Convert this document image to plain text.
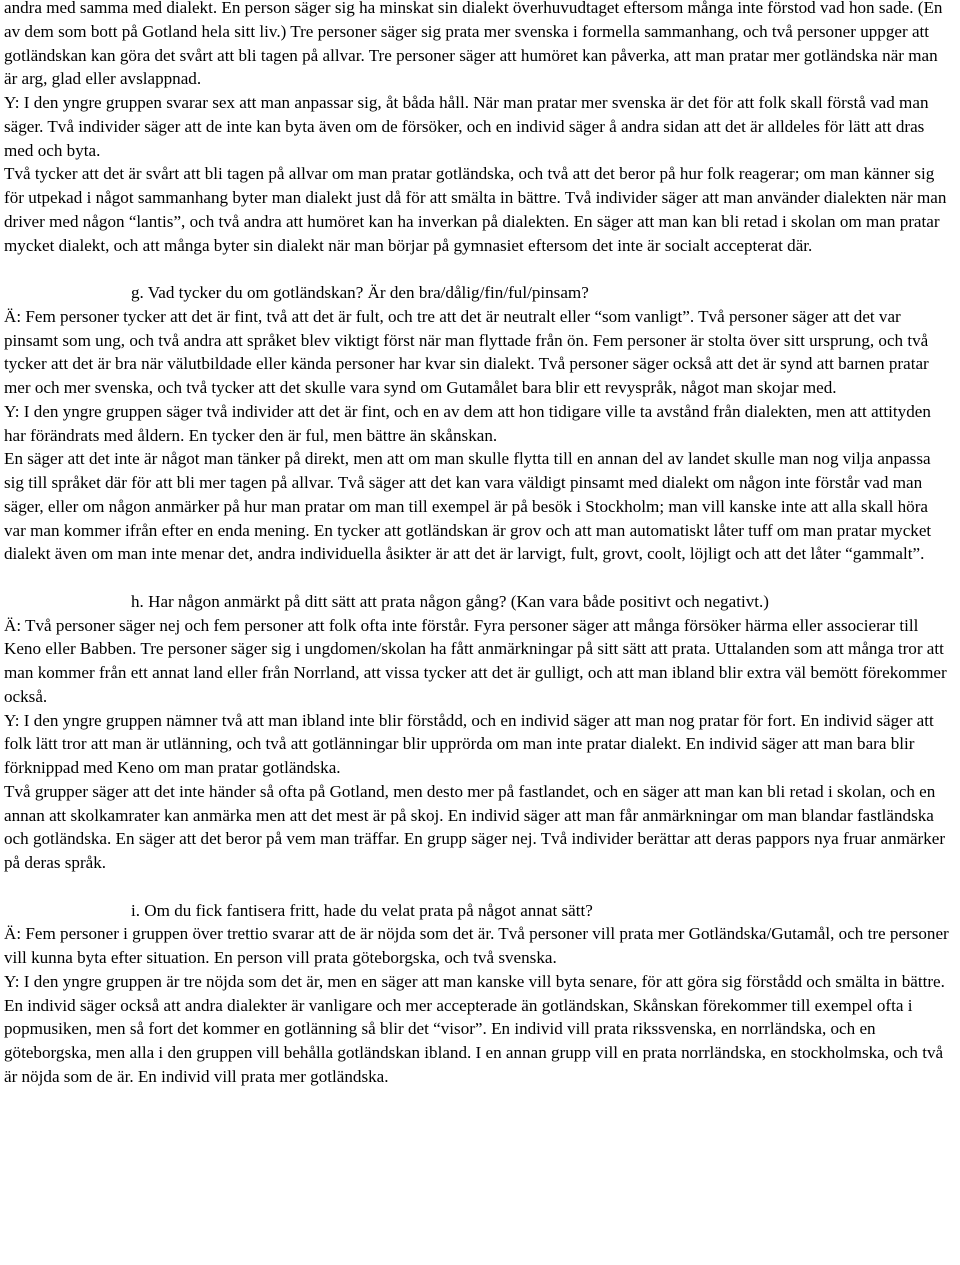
andra med samma med dialekt. En person säger sig ha minskat sin dialekt överhuvudtaget eftersom många inte förstod vad hon sade. (En av dem som bott på Gotland hela sitt liv.) Tre personer säger sig prata mer svenska i formella sammanhang, och två personer uppger att gotländskan kan göra det svårt att bli tagen på allvar. Tre personer säger att humöret kan påverka, att man pratar mer gotländska när man är arg, glad eller avslappnad.

Y: I den yngre gruppen svarar sex att man anpassar sig, åt båda håll. När man pratar mer svenska är det för att folk skall förstå vad man säger. Två individer säger att de inte kan byta även om de försöker, och en individ säger å andra sidan att det är alldeles för lätt att dras med och byta.

Två tycker att det är svårt att bli tagen på allvar om man pratar gotländska, och två att det beror på hur folk reagerar; om man känner sig för utpekad i något sammanhang byter man dialekt just då för att smälta in bättre. Två individer säger att man använder dialekten när man driver med någon “lantis”, och två andra att humöret kan ha inverkan på dialekten. En säger att man kan bli retad i skolan om man pratar mycket dialekt, och att många byter sin dialekt när man börjar på gymnasiet eftersom det inte är socialt accepterat där.

g. Vad tycker du om gotländskan? Är den bra/dålig/fin/ful/pinsam?

Ä: Fem personer tycker att det är fint, två att det är fult, och tre att det är neutralt eller “som vanligt”. Två personer säger att det var pinsamt som ung, och två andra att språket blev viktigt först när man flyttade från ön. Fem personer är stolta över sitt ursprung, och två tycker att det är bra när välutbildade eller kända personer har kvar sin dialekt. Två personer säger också att det är synd att barnen pratar mer och mer svenska, och två tycker att det skulle vara synd om Gutamålet bara blir ett revyspråk, något man skojar med.

Y: I den yngre gruppen säger två individer att det är fint, och en av dem att hon tidigare ville ta avstånd från dialekten, men att attityden har förändrats med åldern. En tycker den är ful, men bättre än skånskan.

En säger att det inte är något man tänker på direkt, men att om man skulle flytta till en annan del av landet skulle man nog vilja anpassa sig till språket där för att bli mer tagen på allvar. Två säger att det kan vara väldigt pinsamt med dialekt om någon inte förstår vad man säger, eller om någon anmärker på hur man pratar om man till exempel är på besök i Stockholm; man vill kanske inte att alla skall höra var man kommer ifrån efter en enda mening. En tycker att gotländskan är grov och att man automatiskt låter tuff om man pratar mycket dialekt även om man inte menar det, andra individuella åsikter är att det är larvigt, fult, grovt, coolt, löjligt och att det låter “gammalt”.

h. Har någon anmärkt på ditt sätt att prata någon gång? (Kan vara både positivt och negativt.)

Ä: Två personer säger nej och fem personer att folk ofta inte förstår. Fyra personer säger att många försöker härma eller associerar till Keno eller Babben. Tre personer säger sig i ungdomen/skolan ha fått anmärkningar på sitt sätt att prata. Uttalanden som att många tror att man kommer från ett annat land eller från Norrland, att vissa tycker att det är gulligt, och att man ibland blir extra väl bemött förekommer också.

Y: I den yngre gruppen nämner två att man ibland inte blir förstådd, och en individ säger att man nog pratar för fort. En individ säger att folk lätt tror att man är utlänning, och två att gotlänningar blir upprörda om man inte pratar dialekt. En individ säger att man bara blir förknippad med Keno om man pratar gotländska.

Två grupper säger att det inte händer så ofta på Gotland, men desto mer på fastlandet, och en säger att man kan bli retad i skolan, och en annan att skolkamrater kan anmärka men att det mest är på skoj. En individ säger att man får anmärkningar om man blandar fastländska och gotländska. En säger att det beror på vem man träffar. En grupp säger nej. Två individer berättar att deras pappors nya fruar anmärker på deras språk.

i. Om du fick fantisera fritt, hade du velat prata på något annat sätt?

Ä: Fem personer i gruppen över trettio svarar att de är nöjda som det är. Två personer vill prata mer Gotländska/Gutamål, och tre personer vill kunna byta efter situation. En person vill prata göteborgska, och två svenska.

Y: I den yngre gruppen är tre nöjda som det är, men en säger att man kanske vill byta senare, för att göra sig förstådd och smälta in bättre. En individ säger också att andra dialekter är vanligare och mer accepterade än gotländskan, Skånskan förekommer till exempel ofta i popmusiken, men så fort det kommer en gotlänning så blir det “visor”. En individ vill prata rikssvenska, en norrländska, och en göteborgska, men alla i den gruppen vill behålla gotländskan ibland. I en annan grupp vill en prata norrländska, en stockholmska, och två är nöjda som de är. En individ vill prata mer gotländska.
